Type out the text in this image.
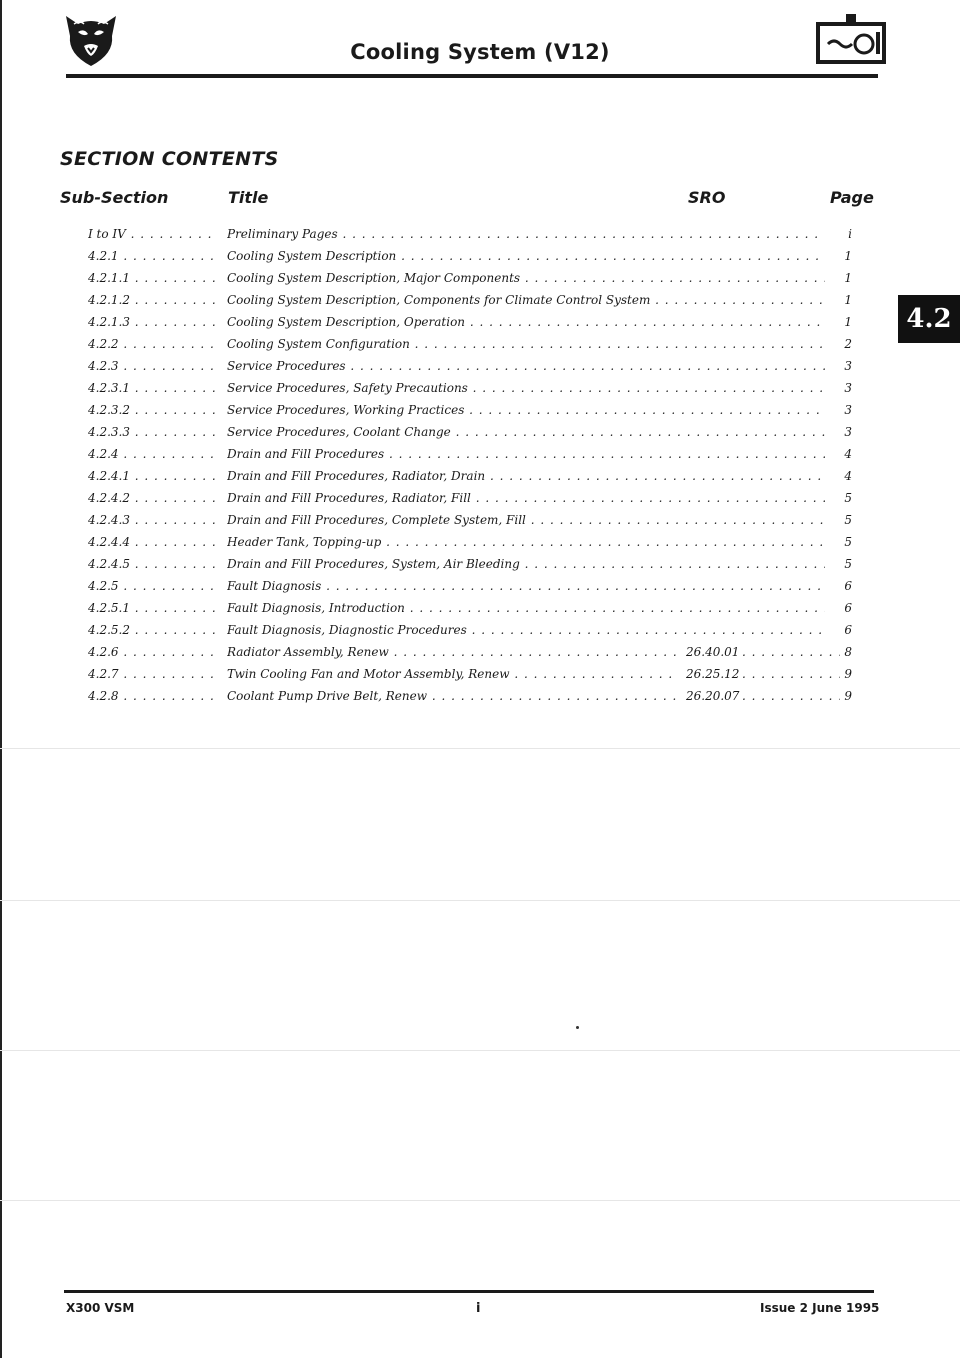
Cooling System (V12)
SECTION CONTENTS
Sub-Section	Title	SRO	Page
I to IV . . .	Preliminary Pages . . .	i
4.2.1 . . .	Cooling System Description . . .	1
4.2.1.1 . . .	Cooling System Description, Major Components . . .	1
4.2.1.2 . . .	Cooling System Description, Components for Climate Control System . . .	1
4.2.1.3 . . .	Cooling System Description, Operation . . .	1
4.2.2 . . .	Cooling System Configuration . . .	2
4.2.3 . . .	Service Procedures . . .	3
4.2.3.1 . . .	Service Procedures, Safety Precautions . . .	3
4.2.3.2 . . .	Service Procedures, Working Practices . . .	3
4.2.3.3 . . .	Service Procedures, Coolant Change . . .	3
4.2.4 . . .	Drain and Fill Procedures . . .	4
4.2.4.1 . . .	Drain and Fill Procedures, Radiator, Drain . . .	4
4.2.4.2 . . .	Drain and Fill Procedures, Radiator, Fill . . .	5
4.2.4.3 . . .	Drain and Fill Procedures, Complete System, Fill . . .	5
4.2.4.4 . . .	Header Tank, Topping-up . . .	5
4.2.4.5 . . .	Drain and Fill Procedures, System, Air Bleeding . . .	5
4.2.5 . . .	Fault Diagnosis . . .	6
4.2.5.1 . . .	Fault Diagnosis, Introduction . . .	6
4.2.5.2 . . .	Fault Diagnosis, Diagnostic Procedures . . .	6
4.2.6 . . .	Radiator Assembly, Renew . . .	26.40.01 . . .	8
4.2.7 . . .	Twin Cooling Fan and Motor Assembly, Renew . . .	26.25.12 . . .	9
4.2.8 . . .	Coolant Pump Drive Belt, Renew . . .	26.20.07 . . .	9
4.2
X300 VSM	i	Issue 2 June 1995
